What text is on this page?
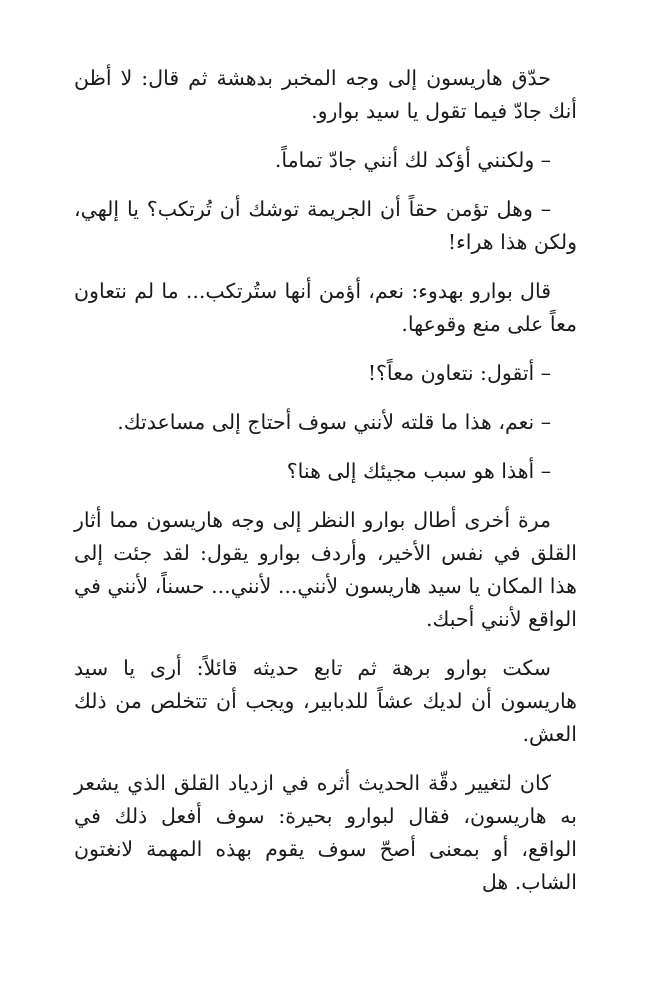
حدّق هاريسون إلى وجه المخبر بدهشة ثم قال: لا أظن أنك جادّ فيما تقول يا سيد بوارو.

– ولكنني أؤكد لك أنني جادّ تماماً.

– وهل تؤمن حقاً أن الجريمة توشك أن تُرتكب؟ يا إلهي، ولكن هذا هراء!

قال بوارو بهدوء: نعم، أؤمن أنها ستُرتكب... ما لم نتعاون معاً على منع وقوعها.

– أتقول: نتعاون معاً؟!

– نعم، هذا ما قلته لأنني سوف أحتاج إلى مساعدتك.

– أهذا هو سبب مجيئك إلى هنا؟

مرة أخرى أطال بوارو النظر إلى وجه هاريسون مما أثار القلق في نفس الأخير، وأردف بوارو يقول: لقد جئت إلى هذا المكان يا سيد هاريسون لأنني... لأنني... حسناً، لأنني في الواقع لأنني أحبك.

سكت بوارو برهة ثم تابع حديثه قائلاً: أرى يا سيد هاريسون أن لديك عشاً للدبابير، ويجب أن تتخلص من ذلك العش.

كان لتغيير دقّة الحديث أثره في ازدياد القلق الذي يشعر به هاريسون، فقال لبوارو بحيرة: سوف أفعل ذلك في الواقع، أو بمعنى أصحّ سوف يقوم بهذه المهمة لانغتون الشاب. هل
